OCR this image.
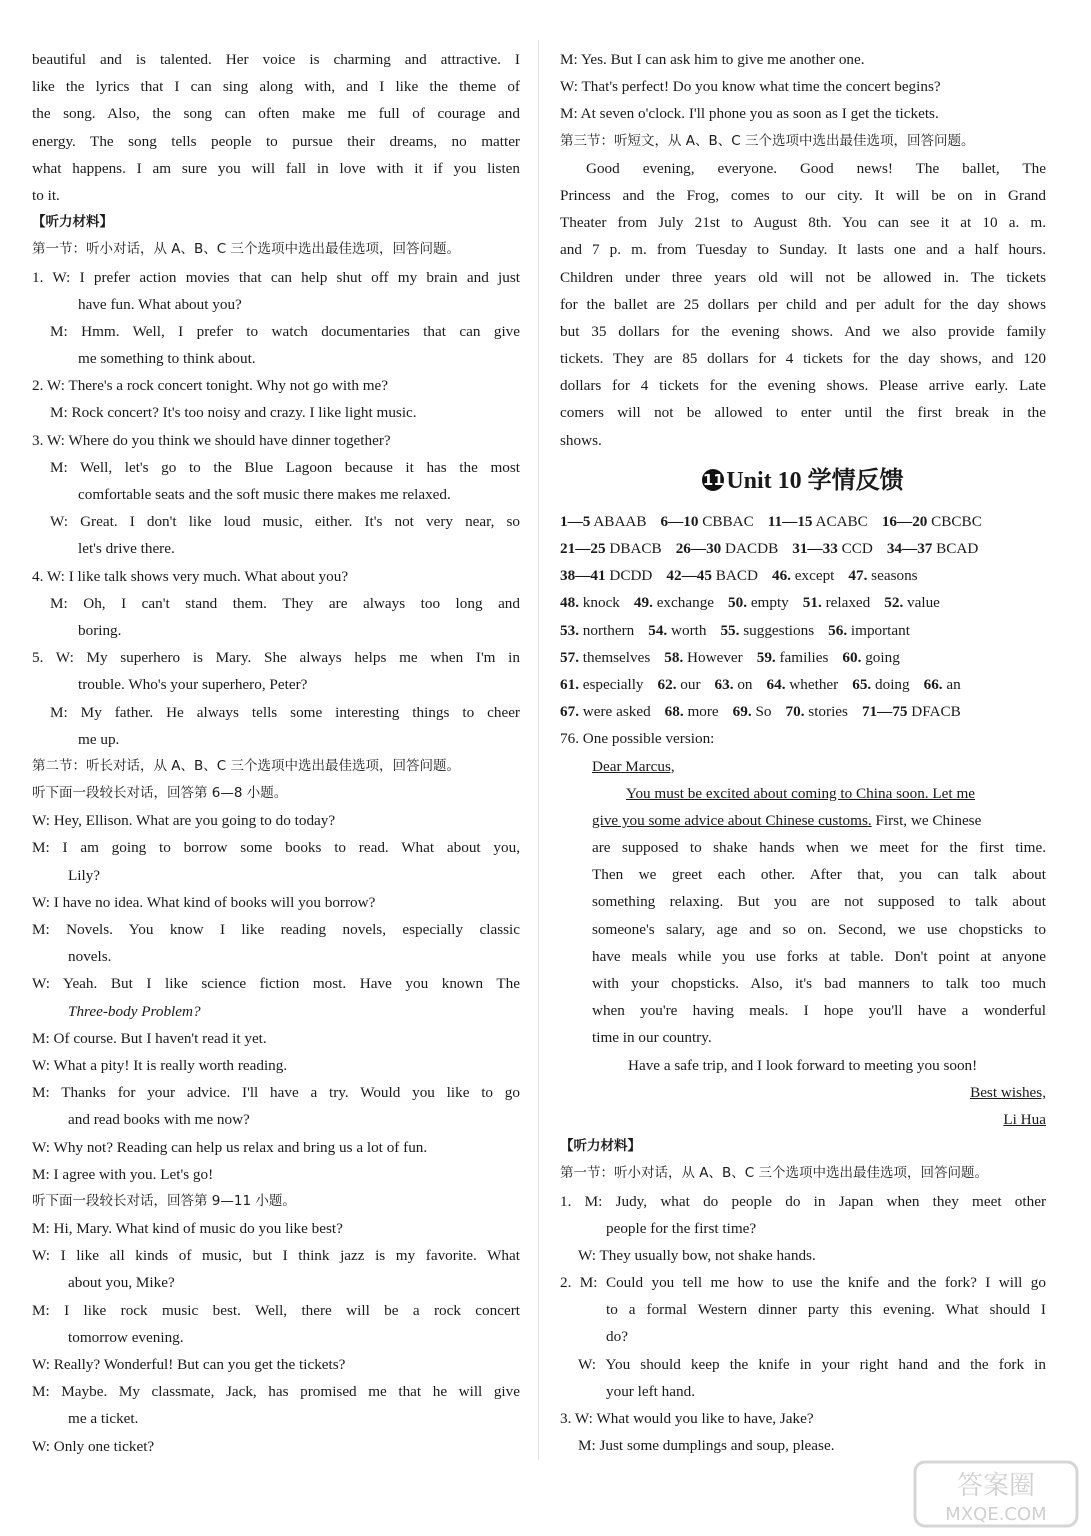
beautiful and is talented. Her voice is charming and attractive. I
like the lyrics that I can sing along with, and I like the theme of
the song. Also, the song can often make me full of courage and
energy. The song tells people to pursue their dreams, no matter
what happens. I am sure you will fall in love with it if you listen
to it.
【听力材料】
第一节：听小对话，从 A、B、C 三个选项中选出最佳选项，回答问题。
1. W: I prefer action movies that can help shut off my brain and just
have fun. What about you?
M: Hmm. Well, I prefer to watch documentaries that can give
me something to think about.
2. W: There's a rock concert tonight. Why not go with me?
M: Rock concert? It's too noisy and crazy. I like light music.
3. W: Where do you think we should have dinner together?
M: Well, let's go to the Blue Lagoon because it has the most
comfortable seats and the soft music there makes me relaxed.
W: Great. I don't like loud music, either. It's not very near, so
let's drive there.
4. W: I like talk shows very much. What about you?
M: Oh, I can't stand them. They are always too long and
boring.
5. W: My superhero is Mary. She always helps me when I'm in
trouble. Who's your superhero, Peter?
M: My father. He always tells some interesting things to cheer
me up.
第二节：听长对话，从 A、B、C 三个选项中选出最佳选项，回答问题。
听下面一段较长对话，回答第 6—8 小题。
W: Hey, Ellison. What are you going to do today?
M: I am going to borrow some books to read. What about you,
Lily?
W: I have no idea. What kind of books will you borrow?
M: Novels. You know I like reading novels, especially classic
novels.
W: Yeah. But I like science fiction most. Have you known The
Three-body Problem?
M: Of course. But I haven't read it yet.
W: What a pity! It is really worth reading.
M: Thanks for your advice. I'll have a try. Would you like to go
and read books with me now?
W: Why not? Reading can help us relax and bring us a lot of fun.
M: I agree with you. Let's go!
听下面一段较长对话，回答第 9—11 小题。
M: Hi, Mary. What kind of music do you like best?
W: I like all kinds of music, but I think jazz is my favorite. What
about you, Mike?
M: I like rock music best. Well, there will be a rock concert
tomorrow evening.
W: Really? Wonderful! But can you get the tickets?
M: Maybe. My classmate, Jack, has promised me that he will give
me a ticket.
W: Only one ticket?
M: Yes. But I can ask him to give me another one.
W: That's perfect! Do you know what time the concert begins?
M: At seven o'clock. I'll phone you as soon as I get the tickets.
第三节：听短文，从 A、B、C 三个选项中选出最佳选项，回答问题。
Good evening, everyone. Good news! The ballet, The
Princess and the Frog, comes to our city. It will be on in Grand
Theater from July 21st to August 8th. You can see it at 10 a. m.
and 7 p. m. from Tuesday to Sunday. It lasts one and a half hours.
Children under three years old will not be allowed in. The tickets
for the ballet are 25 dollars per child and per adult for the day shows
but 35 dollars for the evening shows. And we also provide family
tickets. They are 85 dollars for 4 tickets for the day shows, and 120
dollars for 4 tickets for the evening shows. Please arrive early. Late
comers will not be allowed to enter until the first break in the
shows.
11 Unit 10 学情反馈
1—5 ABAAB 6—10 CBBAC 11—15 ACABC 16—20 CBCBC
21—25 DBACB 26—30 DACDB 31—33 CCD 34—37 BCAD
38—41 DCDD 42—45 BACD 46. except 47. seasons
48. knock 49. exchange 50. empty 51. relaxed 52. value
53. northern 54. worth 55. suggestions 56. important
57. themselves 58. However 59. families 60. going
61. especially 62. our 63. on 64. whether 65. doing 66. an
67. were asked 68. more 69. So 70. stories 71—75 DFACB
76. One possible version:
Dear Marcus,
You must be excited about coming to China soon. Let me
give you some advice about Chinese customs. First, we Chinese
are supposed to shake hands when we meet for the first time.
Then we greet each other. After that, you can talk about
something relaxing. But you are not supposed to talk about
someone's salary, age and so on. Second, we use chopsticks to
have meals while you use forks at table. Don't point at anyone
with your chopsticks. Also, it's bad manners to talk too much
when you're having meals. I hope you'll have a wonderful
time in our country.
Have a safe trip, and I look forward to meeting you soon!
Best wishes,
Li Hua
【听力材料】
第一节：听小对话，从 A、B、C 三个选项中选出最佳选项，回答问题。
1. M: Judy, what do people do in Japan when they meet other
people for the first time?
W: They usually bow, not shake hands.
2. M: Could you tell me how to use the knife and the fork? I will go
to a formal Western dinner party this evening. What should I
do?
W: You should keep the knife in your right hand and the fork in
your left hand.
3. W: What would you like to have, Jake?
M: Just some dumplings and soup, please.
答案圈
MXQE.COM
